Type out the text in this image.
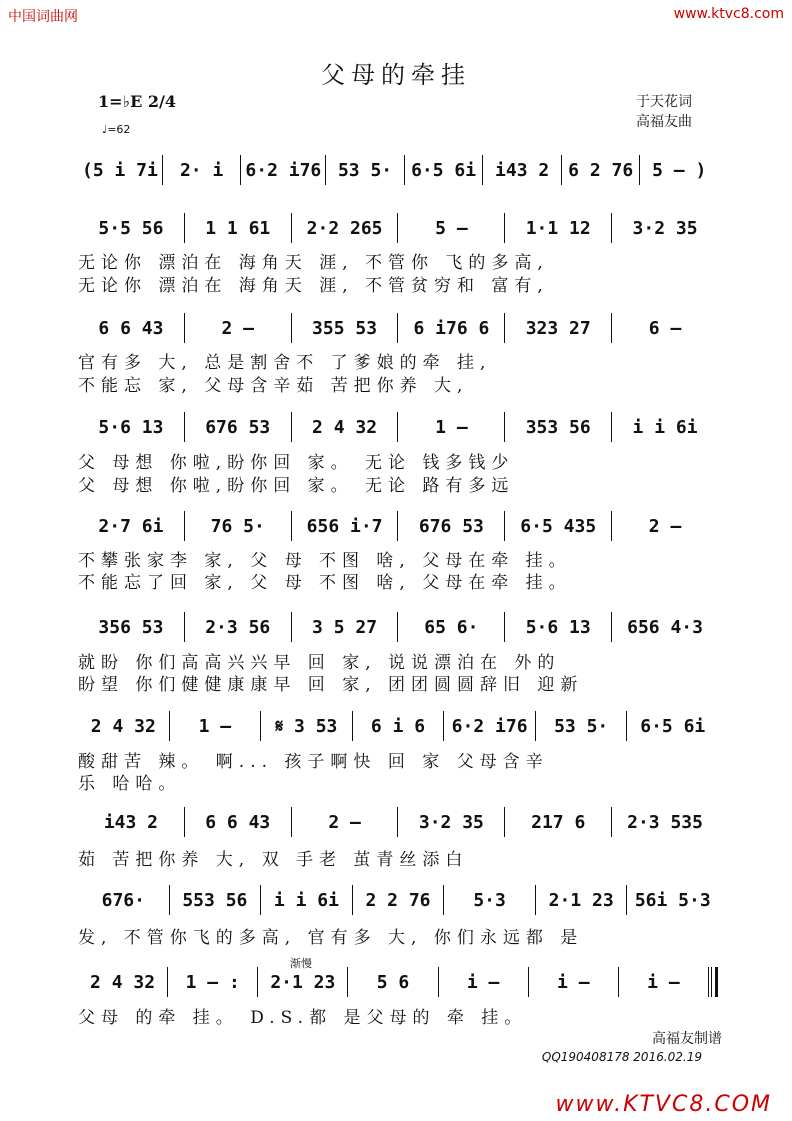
中国词曲网	www.ktvc8.com
父母的牵挂
1=♭E 2/4
♩=62
于天花词
高福友曲
(5 i 7i	2· i	6·2 i76 53 5·	6·5 6i	i43 2	6 2 76	5 – )
5·5 56	1 1 61	2·2 265	5 –	1·1 12	3·2 35
无论你 漂泊在 海角天 涯, 不管你 飞的多高,
无论你 漂泊在 海角天 涯, 不管贫穷和 富有,
6 6 43	2 –	355 53	6 i76 6	323 27	6 –
官有多 大, 总是割舍不 了爹娘的牵 挂,
不能忘 家, 父母含辛茹 苦把你养 大,
5·6 13	676 53	2 4 32	1 –	353 56	i i 6i
父 母想 你啦,盼你回 家。 无论 钱多钱少
父 母想 你啦,盼你回 家。 无论 路有多远
2·7 6i	76 5·	656 i·7	676 53	6·5 435	2 –
不攀张家李 家, 父 母 不图 啥, 父母在牵 挂。
不能忘了回 家, 父 母 不图 啥, 父母在牵 挂。
356 53	2·3 56	3 5 27	65 6·	5·6 13	656 4·3
就盼 你们高高兴兴早 回 家, 说说漂泊在 外的
盼望 你们健健康康早 回 家, 团团圆圆辞旧 迎新
2 4 32	1 –	𝄋 3 53	6 i 6	6·2 i76	53 5·	6·5 6i
酸甜苦 辣。 啊... 孩子啊快 回 家 父母含辛
乐 哈哈。
i43 2	6 6 43	2 –	3·2 35	217 6	2·3 535
茹 苦把你养 大, 双 手老 茧青丝添白
676·	553 56	i i 6i	2 2 76	5·3	2·1 23	56i 5·3
发, 不管你飞的多高, 官有多 大, 你们永远都 是
渐慢
2 4 32	1 – :	2·1 23	5 6	i –	i –	i –
父母 的牵 挂。 D.S.都 是父母的 牵 挂。
高福友制谱
QQ190408178 2016.02.19
www.KTVC8.COM
